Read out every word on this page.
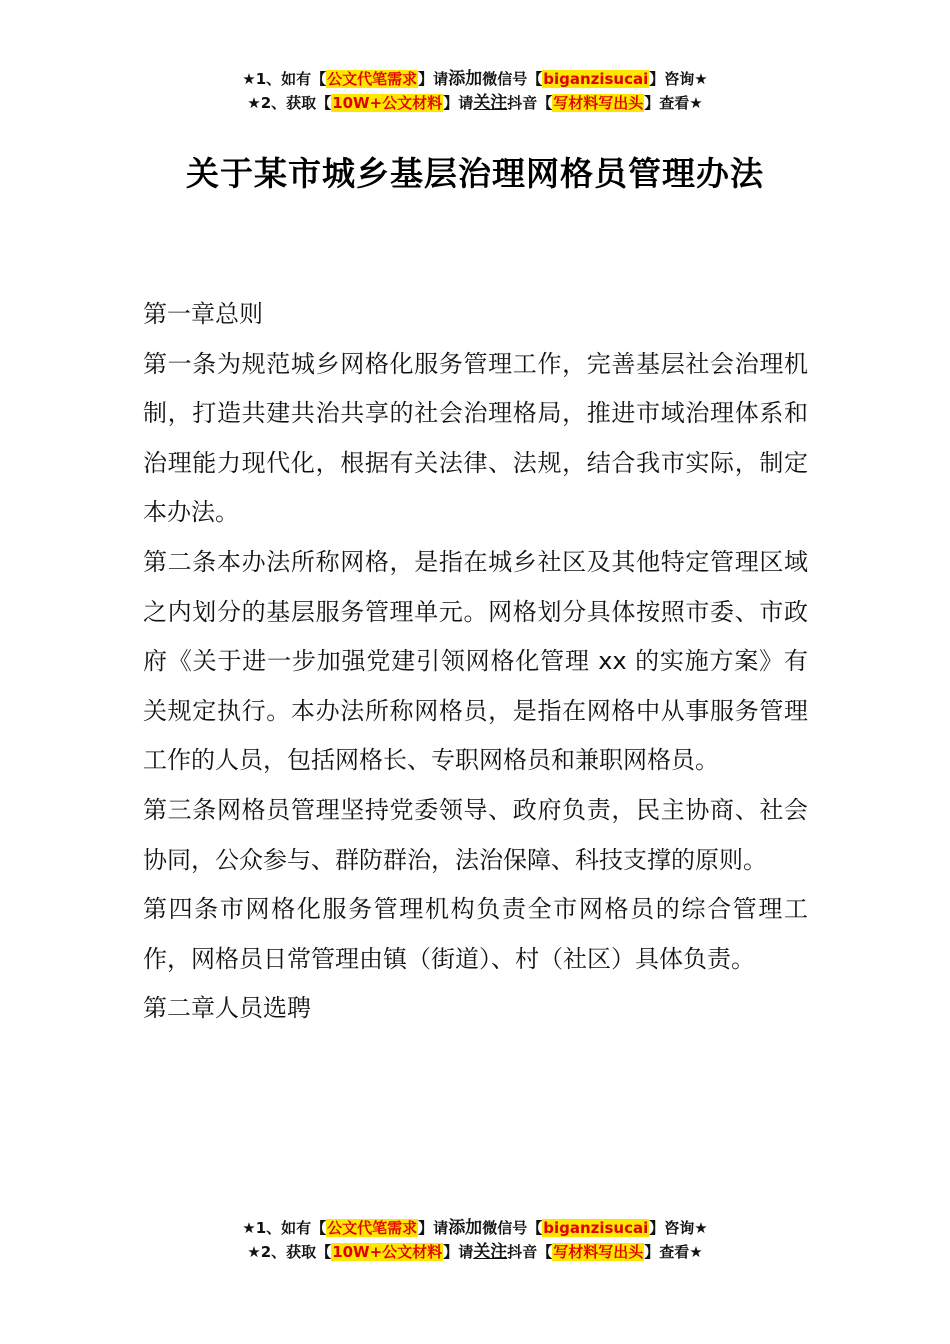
★1、如有【公文代笔需求】请添加微信号【biganzisucai】咨询★
★2、获取【10W+公文材料】请关注抖音【写材料写出头】查看★
关于某市城乡基层治理网格员管理办法

第一章总则

第一条为规范城乡网格化服务管理工作，完善基层社会治理机制，打造共建共治共享的社会治理格局，推进市域治理体系和治理能力现代化，根据有关法律、法规，结合我市实际，制定本办法。

第二条本办法所称网格，是指在城乡社区及其他特定管理区域之内划分的基层服务管理单元。网格划分具体按照市委、市政府《关于进一步加强党建引领网格化管理 xx 的实施方案》有关规定执行。本办法所称网格员，是指在网格中从事服务管理工作的人员，包括网格长、专职网格员和兼职网格员。

第三条网格员管理坚持党委领导、政府负责，民主协商、社会协同，公众参与、群防群治，法治保障、科技支撑的原则。

第四条市网格化服务管理机构负责全市网格员的综合管理工作，网格员日常管理由镇（街道）、村（社区）具体负责。

第二章人员选聘

★1、如有【公文代笔需求】请添加微信号【biganzisucai】咨询★
★2、获取【10W+公文材料】请关注抖音【写材料写出头】查看★
